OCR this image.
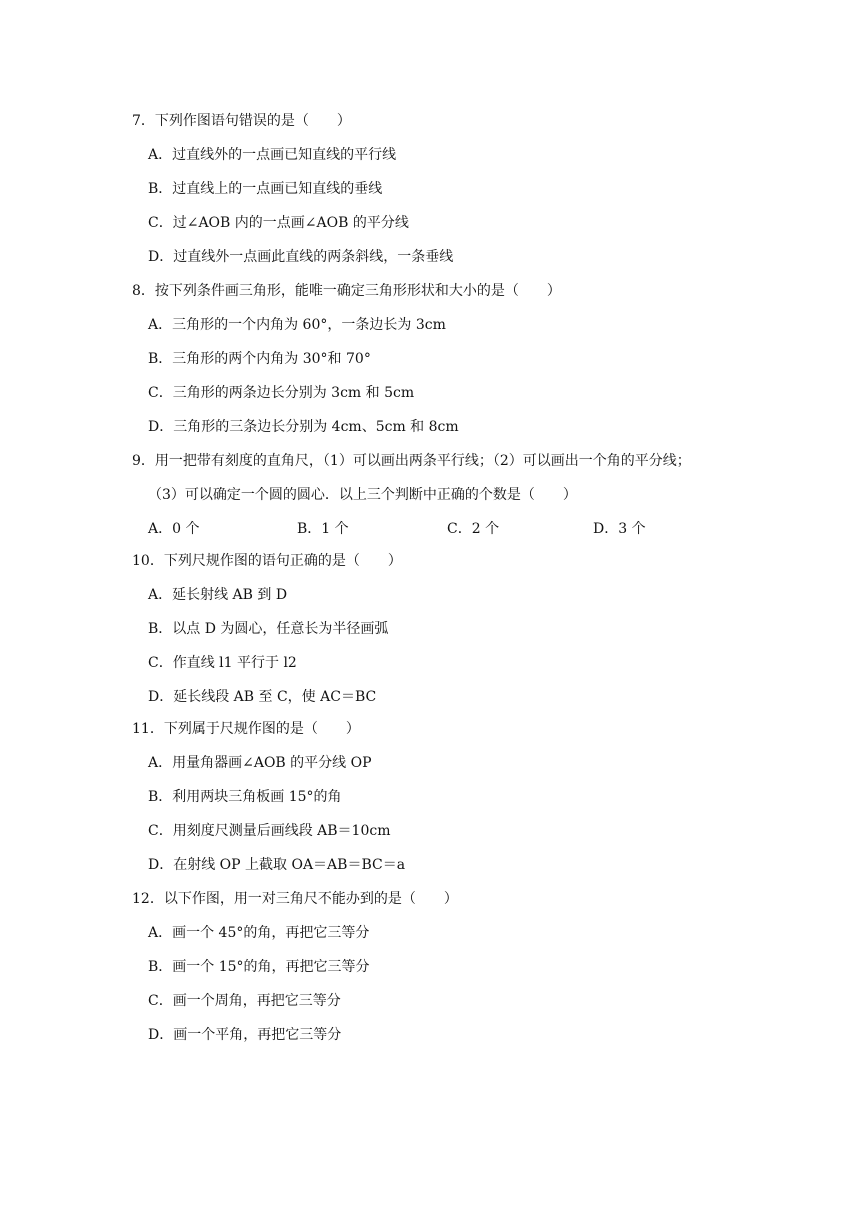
7．下列作图语句错误的是（　　）
A．过直线外的一点画已知直线的平行线
B．过直线上的一点画已知直线的垂线
C．过∠AOB 内的一点画∠AOB 的平分线
D．过直线外一点画此直线的两条斜线，一条垂线
8．按下列条件画三角形，能唯一确定三角形形状和大小的是（　　）
A．三角形的一个内角为 60°，一条边长为 3cm
B．三角形的两个内角为 30°和 70°
C．三角形的两条边长分别为 3cm 和 5cm
D．三角形的三条边长分别为 4cm、5cm 和 8cm
9．用一把带有刻度的直角尺，（1）可以画出两条平行线；（2）可以画出一个角的平分线；
（3）可以确定一个圆的圆心．以上三个判断中正确的个数是（　　）
A．0 个	B．1 个	C．2 个	D．3 个
10．下列尺规作图的语句正确的是（　　）
A．延长射线 AB 到 D
B．以点 D 为圆心，任意长为半径画弧
C．作直线 l1 平行于 l2
D．延长线段 AB 至 C，使 AC＝BC
11．下列属于尺规作图的是（　　）
A．用量角器画∠AOB 的平分线 OP
B．利用两块三角板画 15°的角
C．用刻度尺测量后画线段 AB＝10cm
D．在射线 OP 上截取 OA＝AB＝BC＝a
12．以下作图，用一对三角尺不能办到的是（　　）
A．画一个 45°的角，再把它三等分
B．画一个 15°的角，再把它三等分
C．画一个周角，再把它三等分
D．画一个平角，再把它三等分
